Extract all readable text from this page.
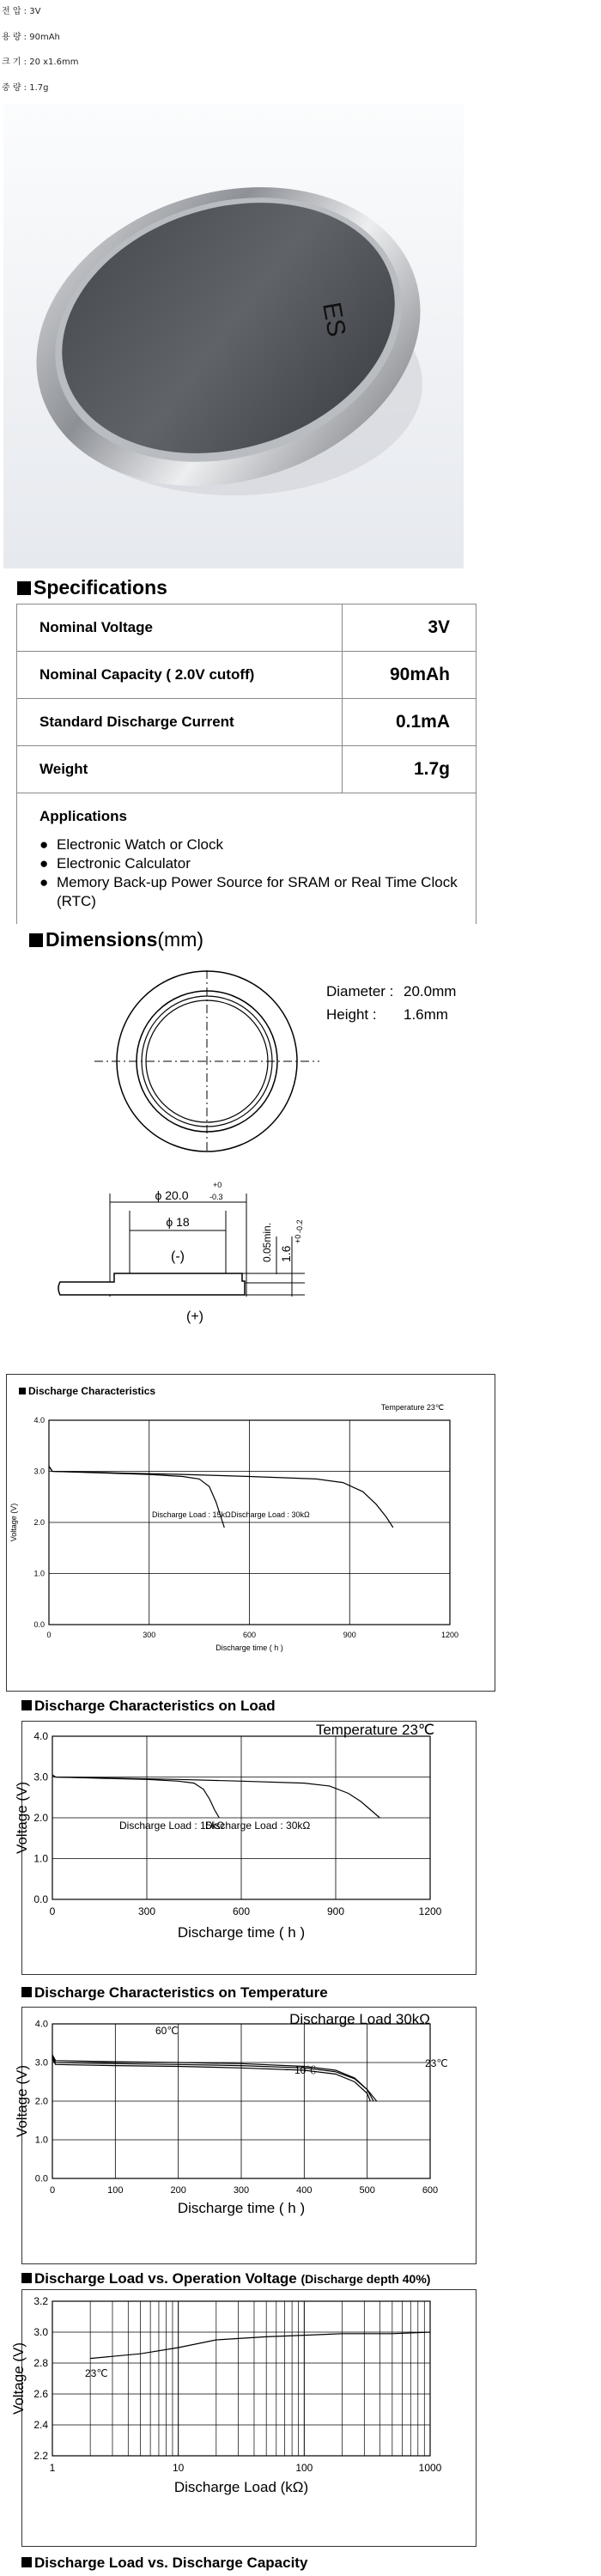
전 압 : 3V
용 량 : 90mAh
크 기 : 20 x1.6mm
중 량 : 1.7g
ES
Specifications
Nominal Voltage	3V
Nominal Capacity ( 2.0V cutoff)	90mAh
Standard Discharge Current	0.1mA
Weight	1.7g
Applications
● Electronic Watch or Clock
● Electronic Calculator
● Memory Back-up Power Source for SRAM or Real Time Clock (RTC)
Dimensions(mm)
Diameter : 20.0mm
Height : 1.6mm
ϕ 20.0
+0
-0.3
ϕ 18
(-)	0.05min. 1.6
+0
-0.2
(+)
Discharge Characteristics
0	300	600	900	1200
0.0
1.0
2.0
3.0
4.0
Discharge time ( h )
Voltage (V)
Temperature 23℃
Discharge Load : 15kΩ Discharge Load : 30kΩ
Discharge Characteristics on Load
0	300	600	900	1200
0.0
1.0
2.0
3.0
4.0
Discharge time ( h )
Voltage (V)
Temperature 23℃
Discharge Load : 15kΩ
Discharge Load : 30kΩ
Discharge Characteristics on Temperature
0	100	200	300	400	500	600
0.0
1.0
2.0
3.0
4.0
Discharge time ( h )
Voltage (V)
Discharge Load 30kΩ
60℃
23℃
－10℃
Discharge Load vs. Operation Voltage (Discharge depth 40%)
1	10	100	1000
2.2
2.4
2.6
2.8
3.0
3.2
Discharge Load (kΩ)
Voltage (V)	23℃
Discharge Load vs. Discharge Capacity
